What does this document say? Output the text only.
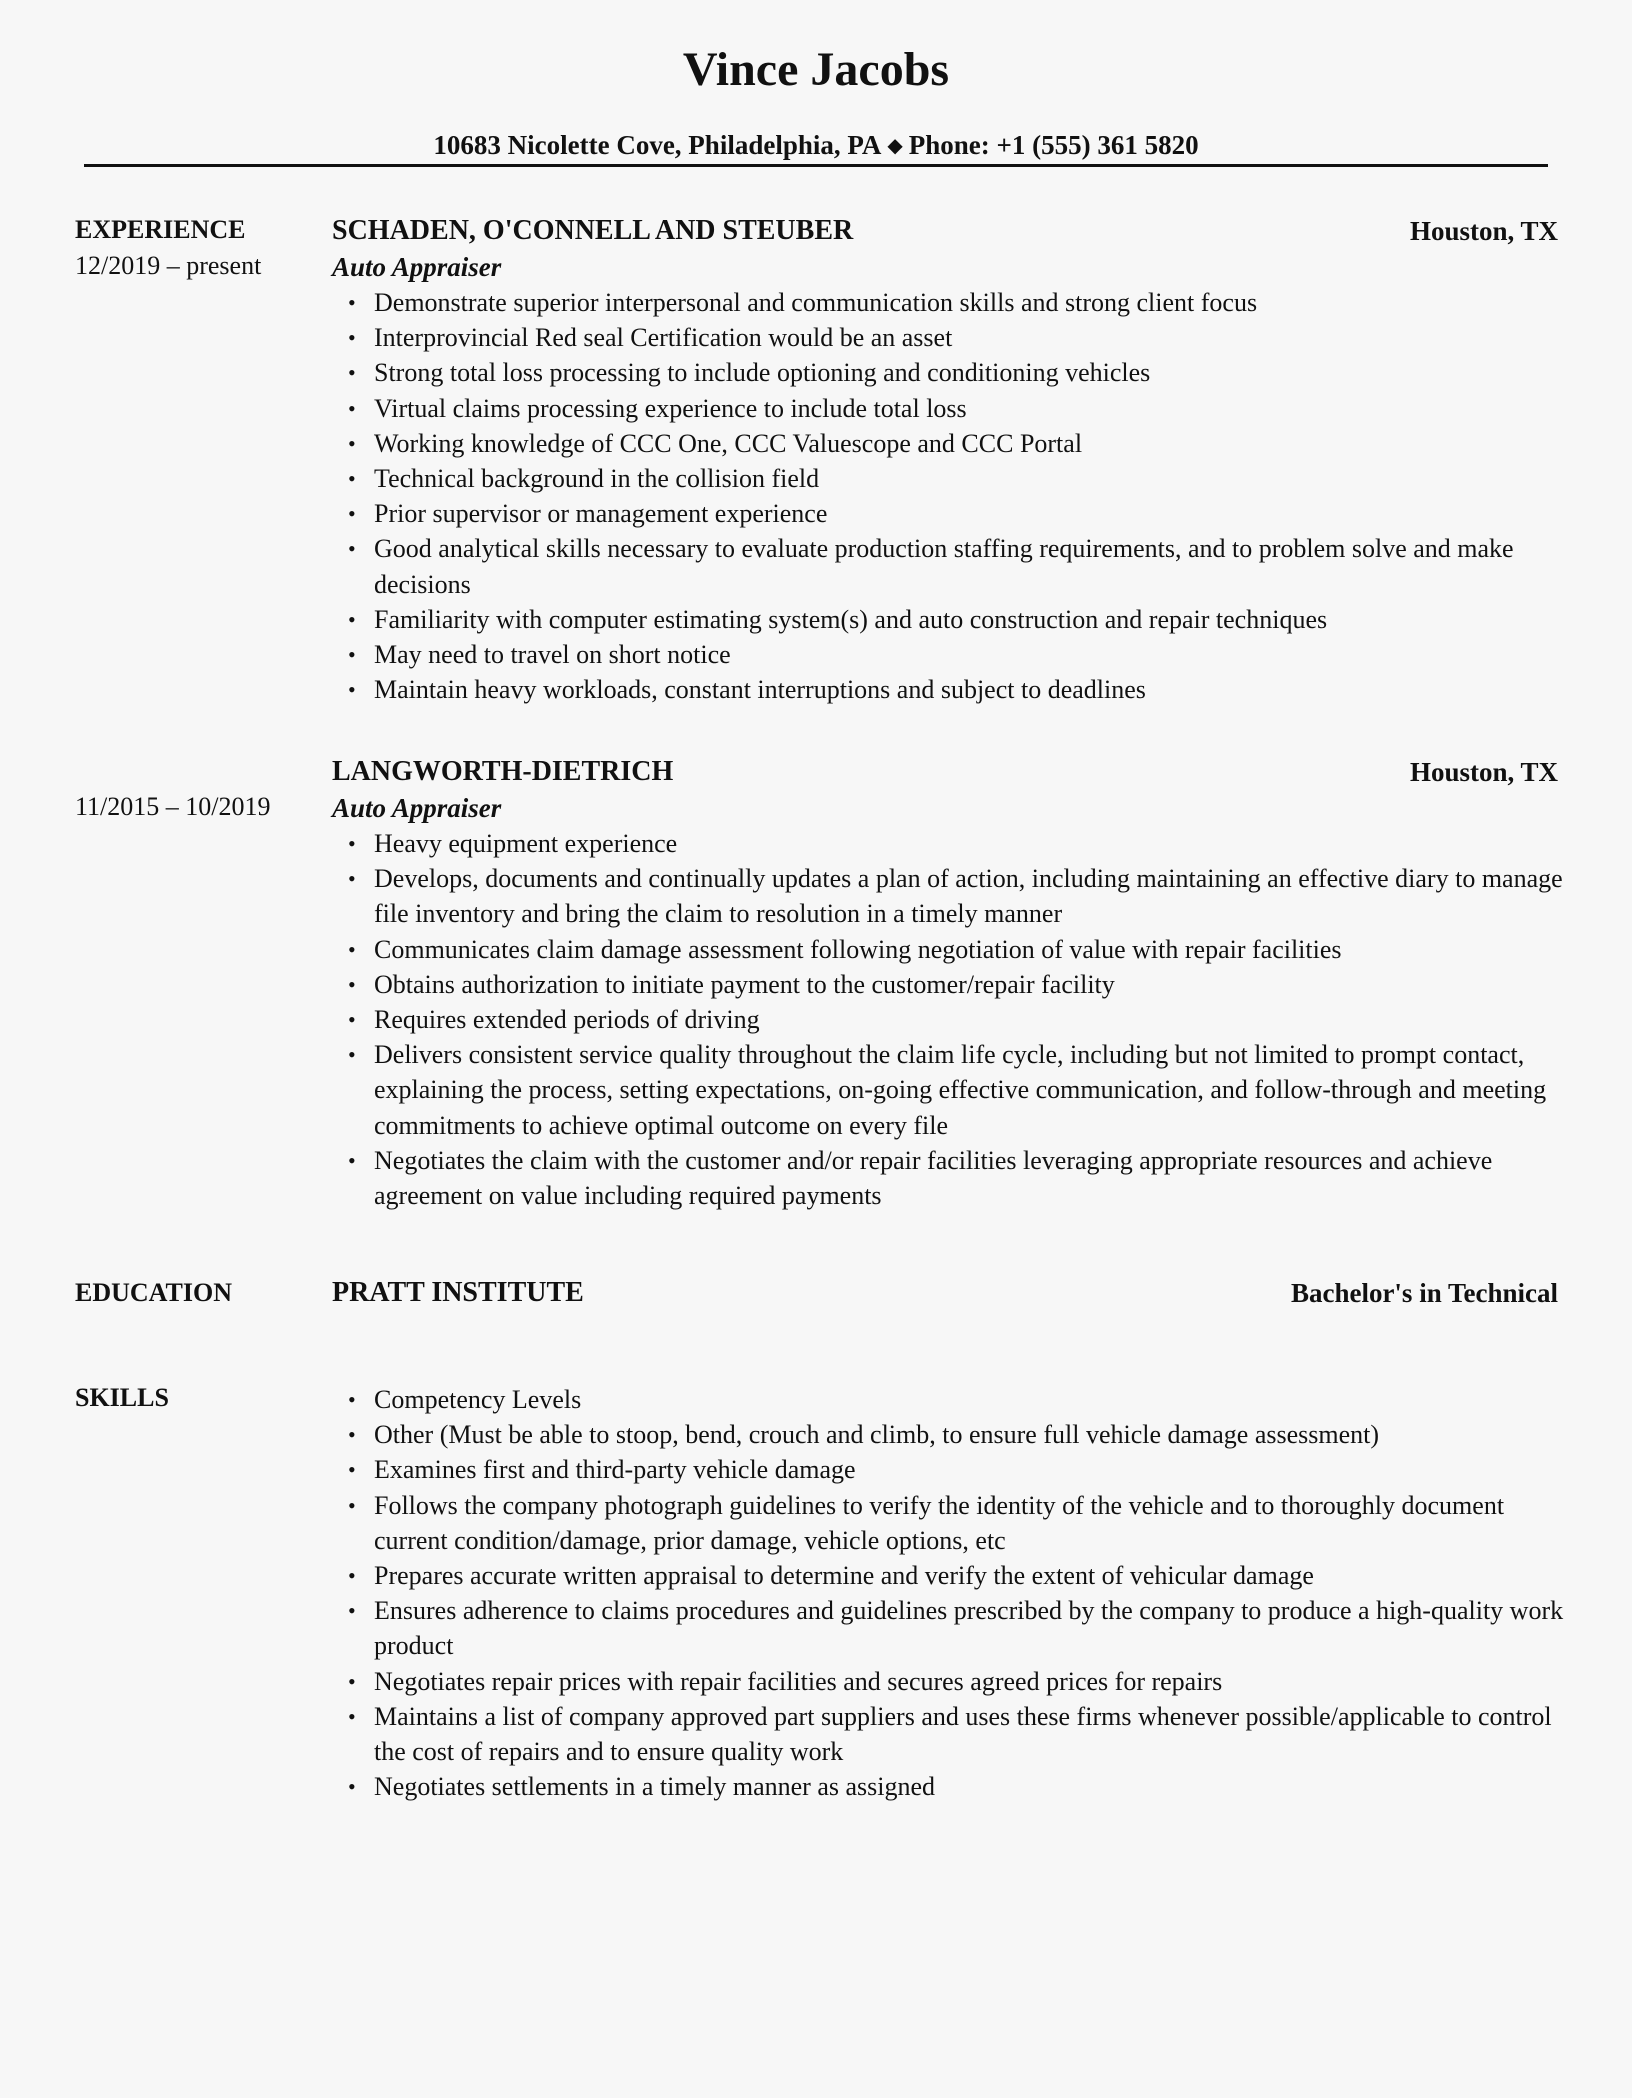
Vince Jacobs
10683 Nicolette Cove, Philadelphia, PA ◆ Phone: +1 (555) 361 5820
EXPERIENCE
12/2019 – present
SCHADEN, O'CONNELL AND STEUBER	Houston, TX
Auto Appraiser
• Demonstrate superior interpersonal and communication skills and strong client focus
• Interprovincial Red seal Certification would be an asset
• Strong total loss processing to include optioning and conditioning vehicles
• Virtual claims processing experience to include total loss
• Working knowledge of CCC One, CCC Valuescope and CCC Portal
• Technical background in the collision field
• Prior supervisor or management experience
• Good analytical skills necessary to evaluate production staffing requirements, and to problem solve and make decisions
• Familiarity with computer estimating system(s) and auto construction and repair techniques
• May need to travel on short notice
• Maintain heavy workloads, constant interruptions and subject to deadlines
11/2015 – 10/2019
LANGWORTH-DIETRICH	Houston, TX
Auto Appraiser
• Heavy equipment experience
• Develops, documents and continually updates a plan of action, including maintaining an effective diary to manage file inventory and bring the claim to resolution in a timely manner
• Communicates claim damage assessment following negotiation of value with repair facilities
• Obtains authorization to initiate payment to the customer/repair facility
• Requires extended periods of driving
• Delivers consistent service quality throughout the claim life cycle, including but not limited to prompt contact, explaining the process, setting expectations, on-going effective communication, and follow-through and meeting commitments to achieve optimal outcome on every file
• Negotiates the claim with the customer and/or repair facilities leveraging appropriate resources and achieve agreement on value including required payments
EDUCATION	PRATT INSTITUTE	Bachelor's in Technical
SKILLS	• Competency Levels
• Other (Must be able to stoop, bend, crouch and climb, to ensure full vehicle damage assessment)
• Examines first and third-party vehicle damage
• Follows the company photograph guidelines to verify the identity of the vehicle and to thoroughly document current condition/damage, prior damage, vehicle options, etc
• Prepares accurate written appraisal to determine and verify the extent of vehicular damage
• Ensures adherence to claims procedures and guidelines prescribed by the company to produce a high-quality work product
• Negotiates repair prices with repair facilities and secures agreed prices for repairs
• Maintains a list of company approved part suppliers and uses these firms whenever possible/applicable to control the cost of repairs and to ensure quality work
• Negotiates settlements in a timely manner as assigned
